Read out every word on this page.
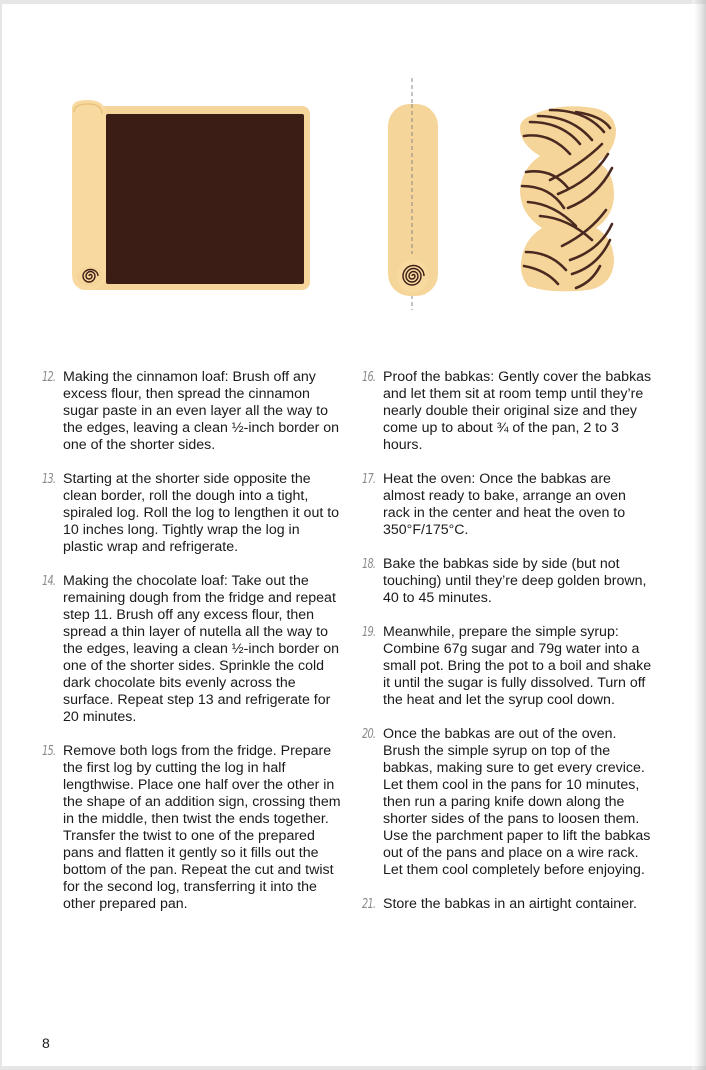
12. Making the cinnamon loaf: Brush off any excess flour, then spread the cinnamon sugar paste in an even layer all the way to the edges, leaving a clean ½-inch border on one of the shorter sides.
13. Starting at the shorter side opposite the clean border, roll the dough into a tight, spiraled log. Roll the log to lengthen it out to 10 inches long. Tightly wrap the log in plastic wrap and refrigerate.
14. Making the chocolate loaf: Take out the remaining dough from the fridge and repeat step 11. Brush off any excess flour, then spread a thin layer of nutella all the way to the edges, leaving a clean ½-inch border on one of the shorter sides. Sprinkle the cold dark chocolate bits evenly across the surface. Repeat step 13 and refrigerate for 20 minutes.
15. Remove both logs from the fridge. Prepare the first log by cutting the log in half lengthwise. Place one half over the other in the shape of an addition sign, crossing them in the middle, then twist the ends together. Transfer the twist to one of the prepared pans and flatten it gently so it fills out the bottom of the pan. Repeat the cut and twist for the second log, transferring it into the other prepared pan.
16. Proof the babkas: Gently cover the babkas and let them sit at room temp until they’re nearly double their original size and they come up to about ¾ of the pan, 2 to 3 hours.
17. Heat the oven: Once the babkas are almost ready to bake, arrange an oven rack in the center and heat the oven to 350°F/175°C.
18. Bake the babkas side by side (but not touching) until they’re deep golden brown, 40 to 45 minutes.
19. Meanwhile, prepare the simple syrup: Combine 67g sugar and 79g water into a small pot. Bring the pot to a boil and shake it until the sugar is fully dissolved. Turn off the heat and let the syrup cool down.
20. Once the babkas are out of the oven. Brush the simple syrup on top of the babkas, making sure to get every crevice. Let them cool in the pans for 10 minutes, then run a paring knife down along the shorter sides of the pans to loosen them. Use the parchment paper to lift the babkas out of the pans and place on a wire rack. Let them cool completely before enjoying.
21. Store the babkas in an airtight container.
8
